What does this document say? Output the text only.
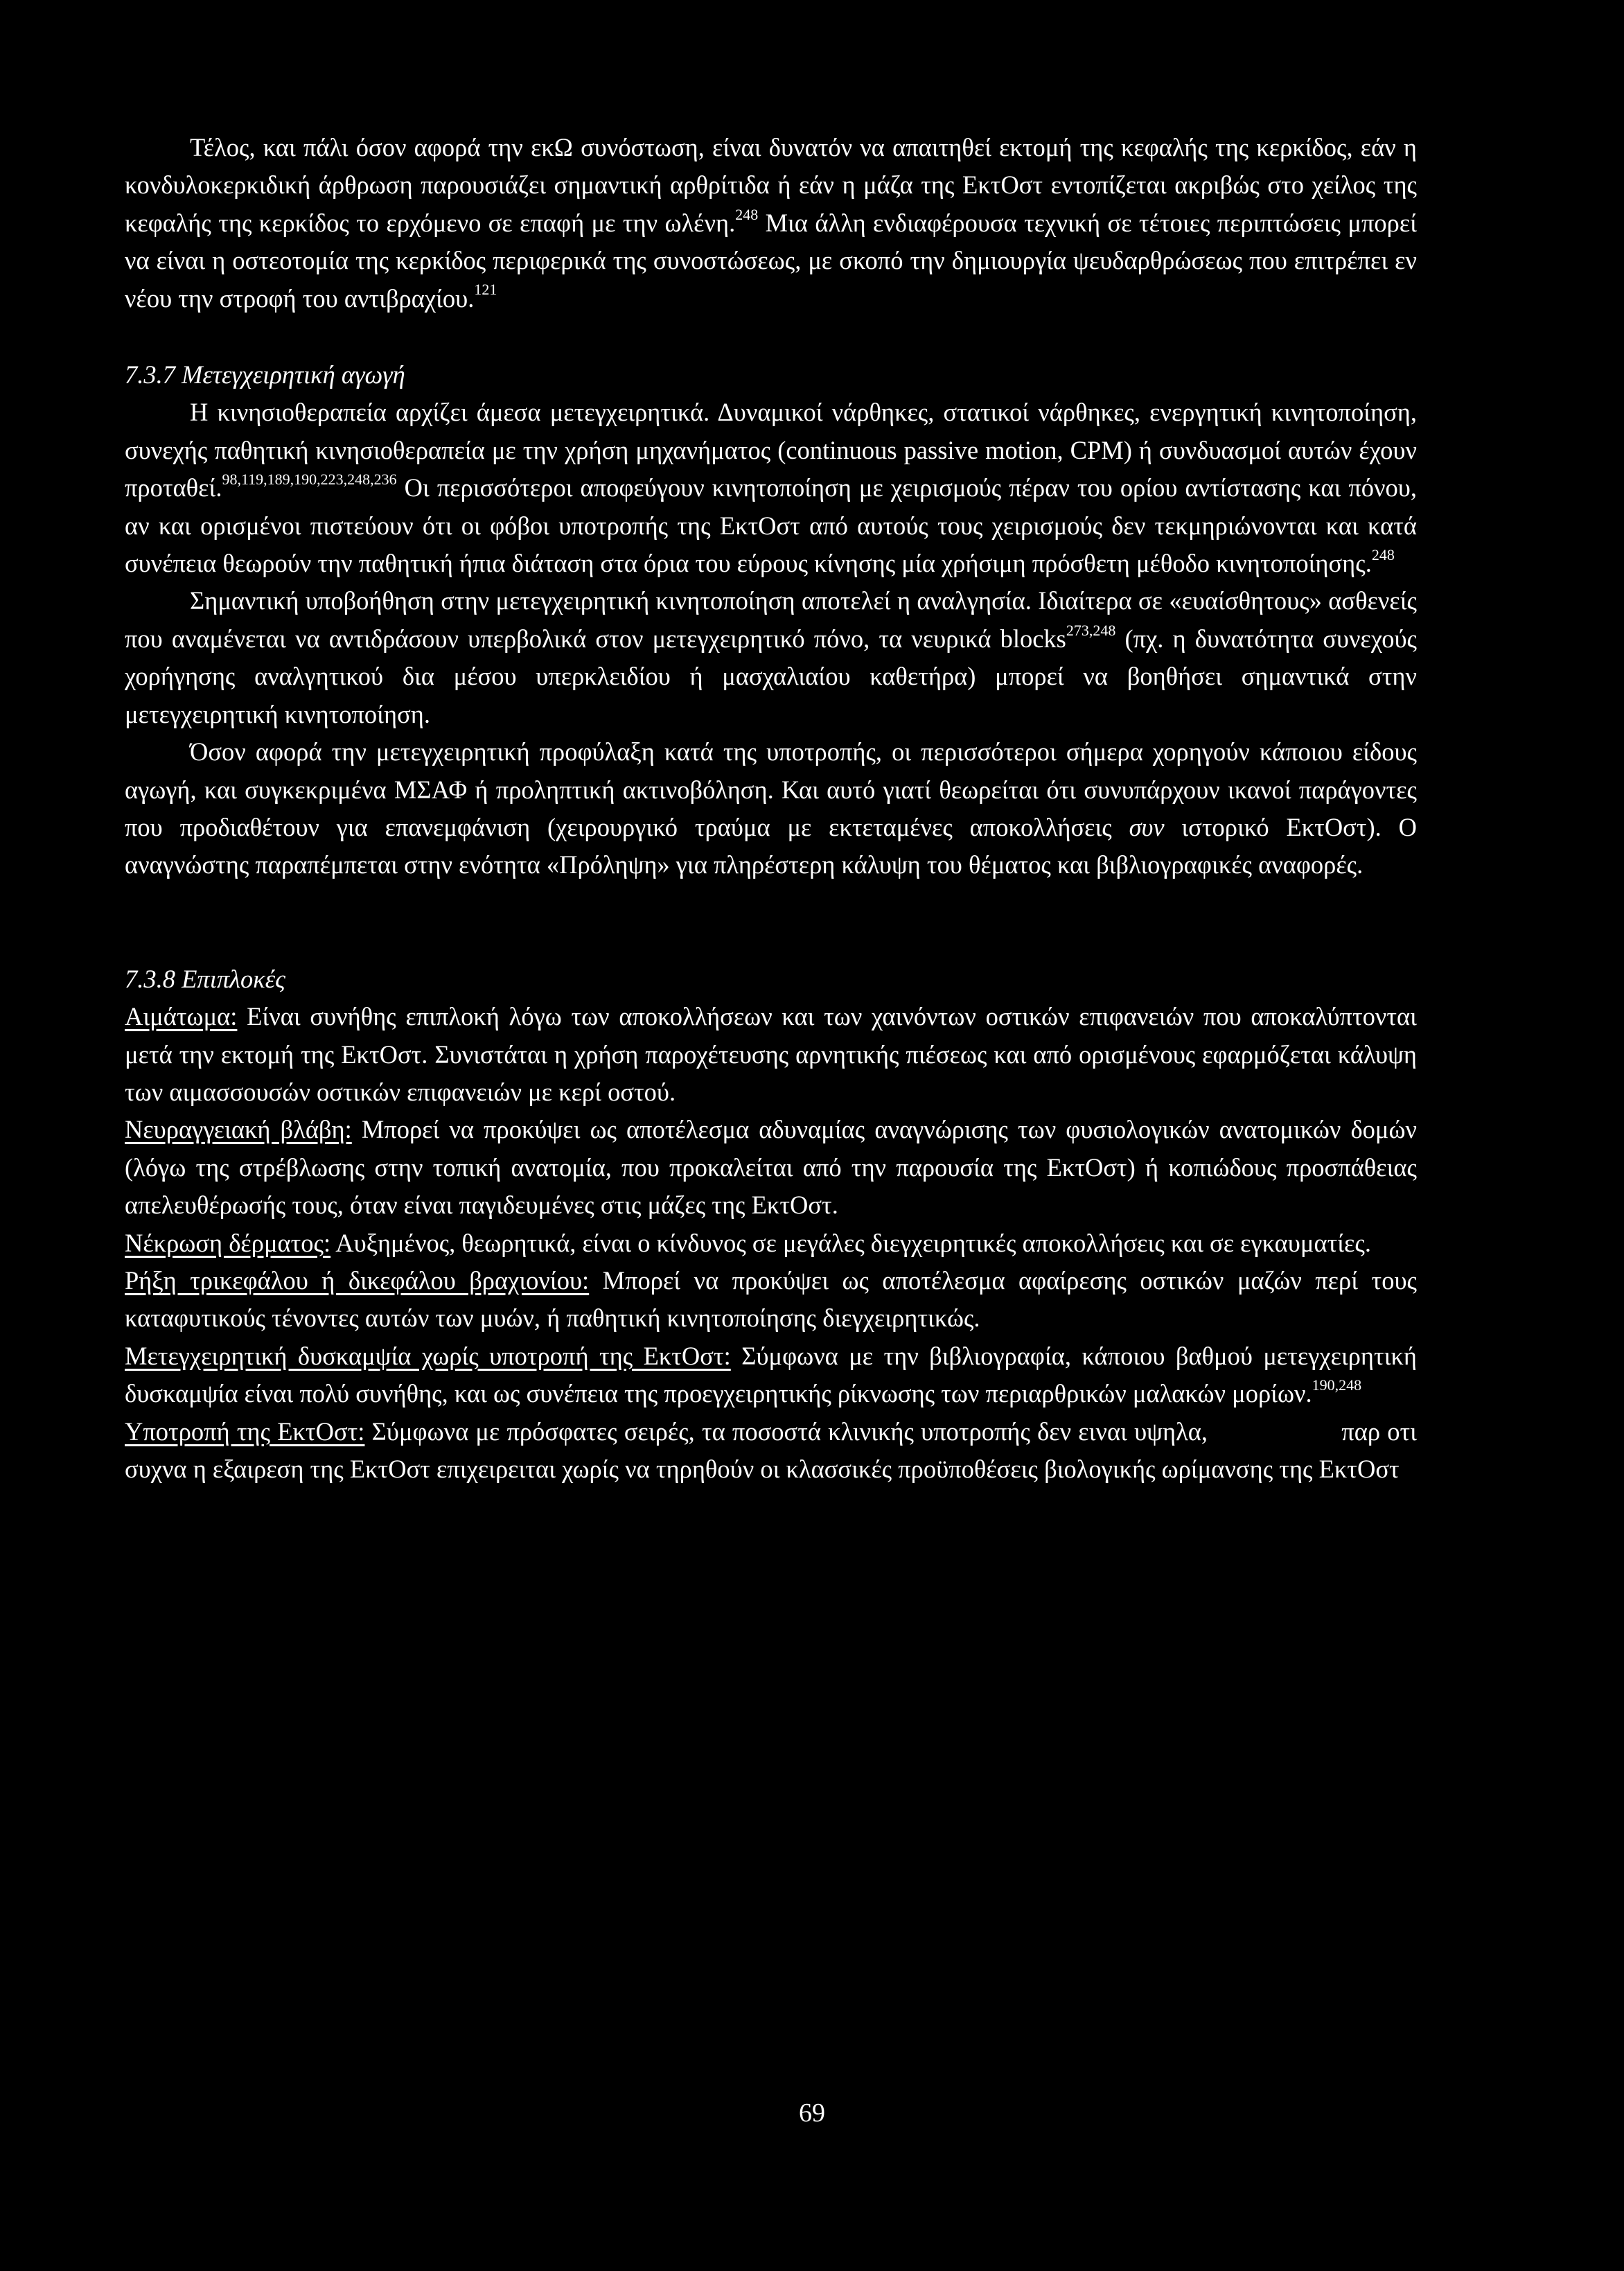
Τέλος, και πάλι όσον αφορά την εκΩ συνόστωση, είναι δυνατόν να απαιτηθεί εκτομή της κεφαλής της κερκίδος, εάν η κονδυλοκερκιδική άρθρωση παρουσιάζει σημαντική αρθρίτιδα ή εάν η μάζα της ΕκτΟστ εντοπίζεται ακριβώς στο χείλος της κεφαλής της κερκίδος το ερχόμενο σε επαφή με την ωλένη.$^{248}$ Μια άλλη ενδιαφέρουσα τεχνική σε τέτοιες περιπτώσεις μπορεί να είναι η οστεοτομία της κερκίδος περιφερικά της συνοστώσεως, με σκοπό την δημιουργία ψευδαρθρώσεως που επιτρέπει εν νέου την στροφή του αντιβραχίου.$^{121}$

7.3.7 Μετεγχειρητική αγωγή

Η κινησιοθεραπεία αρχίζει άμεσα μετεγχειρητικά. Δυναμικοί νάρθηκες, στατικοί νάρθηκες, ενεργητική κινητοποίηση, συνεχής παθητική κινησιοθεραπεία με την χρήση μηχανήματος (continuous passive motion, CPM) ή συνδυασμοί αυτών έχουν προταθεί.$^{98,119,189,190,223,248,236}$ Οι περισσότεροι αποφεύγουν κινητοποίηση με χειρισμούς πέραν του ορίου αντίστασης και πόνου, αν και ορισμένοι πιστεύουν ότι οι φόβοι υποτροπής της ΕκτΟστ από αυτούς τους χειρισμούς δεν τεκμηριώνονται και κατά συνέπεια θεωρούν την παθητική ήπια διάταση στα όρια του εύρους κίνησης μία χρήσιμη πρόσθετη μέθοδο κινητοποίησης.$^{248}$

Σημαντική υποβοήθηση στην μετεγχειρητική κινητοποίηση αποτελεί η αναλγησία. Ιδιαίτερα σε «ευαίσθητους» ασθενείς που αναμένεται να αντιδράσουν υπερβολικά στον μετεγχειρητικό πόνο, τα νευρικά blocks$^{273,248}$ (πχ. η δυνατότητα συνεχούς χορήγησης αναλγητικού δια μέσου υπερκλειδίου ή μασχαλιαίου καθετήρα) μπορεί να βοηθήσει σημαντικά στην μετεγχειρητική κινητοποίηση.

Όσον αφορά την μετεγχειρητική προφύλαξη κατά της υποτροπής, οι περισσότεροι σήμερα χορηγούν κάποιου είδους αγωγή, και συγκεκριμένα ΜΣΑΦ ή προληπτική ακτινοβόληση. Και αυτό γιατί θεωρείται ότι συνυπάρχουν ικανοί παράγοντες που προδιαθέτουν για επανεμφάνιση (χειρουργικό τραύμα με εκτεταμένες αποκολλήσεις συν ιστορικό ΕκτΟστ). Ο αναγνώστης παραπέμπεται στην ενότητα «Πρόληψη» για πληρέστερη κάλυψη του θέματος και βιβλιογραφικές αναφορές.

7.3.8 Επιπλοκές

Αιμάτωμα: Είναι συνήθης επιπλοκή λόγω των αποκολλήσεων και των χαινόντων οστικών επιφανειών που αποκαλύπτονται μετά την εκτομή της ΕκτΟστ. Συνιστάται η χρήση παροχέτευσης αρνητικής πιέσεως και από ορισμένους εφαρμόζεται κάλυψη των αιμασσουσών οστικών επιφανειών με κερί οστού.

Νευραγγειακή βλάβη: Μπορεί να προκύψει ως αποτέλεσμα αδυναμίας αναγνώρισης των φυσιολογικών ανατομικών δομών (λόγω της στρέβλωσης στην τοπική ανατομία, που προκαλείται από την παρουσία της ΕκτΟστ) ή κοπιώδους προσπάθειας απελευθέρωσής τους, όταν είναι παγιδευμένες στις μάζες της ΕκτΟστ.

Νέκρωση δέρματος: Αυξημένος, θεωρητικά, είναι ο κίνδυνος σε μεγάλες διεγχειρητικές αποκολλήσεις και σε εγκαυματίες.

Ρήξη τρικεφάλου ή δικεφάλου βραχιονίου: Μπορεί να προκύψει ως αποτέλεσμα αφαίρεσης οστικών μαζών περί τους καταφυτικούς τένοντες αυτών των μυών, ή παθητική κινητοποίησης διεγχειρητικώς.

Μετεγχειρητική δυσκαμψία χωρίς υποτροπή της ΕκτΟστ: Σύμφωνα με την βιβλιογραφία, κάποιου βαθμού μετεγχειρητική δυσκαμψία είναι πολύ συνήθης, και ως συνέπεια της προεγχειρητικής ρίκνωσης των περιαρθρικών μαλακών μορίων.$^{190,248}$

Υποτροπή της ΕκτΟστ: Σύμφωνα με πρόσφατες σειρές, τα ποσοστά κλινικής υποτροπής δεν ειναι υψηλα,                   παρ οτι συχνα η εξαιρεση της ΕκτΟστ επιχειρειται χωρίς να τηρηθούν οι κλασσικές προϋποθέσεις βιολογικής ωρίμανσης της ΕκτΟστ

69
